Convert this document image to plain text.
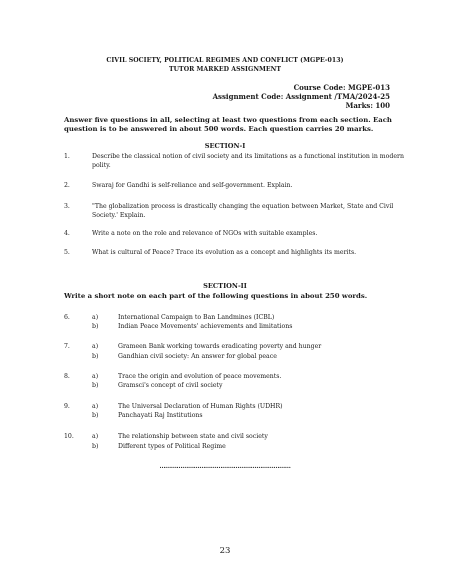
CIVIL SOCIETY, POLITICAL REGIMES AND CONFLICT (MGPE-013)
TUTOR MARKED ASSIGNMENT
Course Code: MGPE-013
Assignment Code: Assignment /TMA/2024-25
Marks: 100
Answer five questions in all, selecting at least two questions from each section. Each question is to be answered in about 500 words. Each question carries 20 marks.
SECTION-I
1.	Describe the classical notion of civil society and its limitations as a functional institution in modern polity.
2.	Swaraj for Gandhi is self-reliance and self-government. Explain.
3.	"The globalization process is drastically changing the equation between Market, State and Civil Society.' Explain.
4.	Write a note on the role and relevance of NGOs with suitable examples.
5.	What is cultural of Peace? Trace its evolution as a concept and highlights its merits.
SECTION-II
Write a short note on each part of the following questions in about 250 words.
6.	a)	International Campaign to Ban Landmines (ICBL)
b)	Indian Peace Movements' achievements and limitations
7.	a)	Grameen Bank working towards eradicating poverty and hunger
b)	Gandhian civil society: An answer for global peace
8.	a)	Trace the origin and evolution of peace movements.
b)	Gramsci's concept of civil society
9.	a)	The Universal Declaration of Human Rights (UDHR)
b)	Panchayati Raj Institutions
10.	a)	The relationship between state and civil society
b)	Different types of Political Regime
……………………………………………………………
23
